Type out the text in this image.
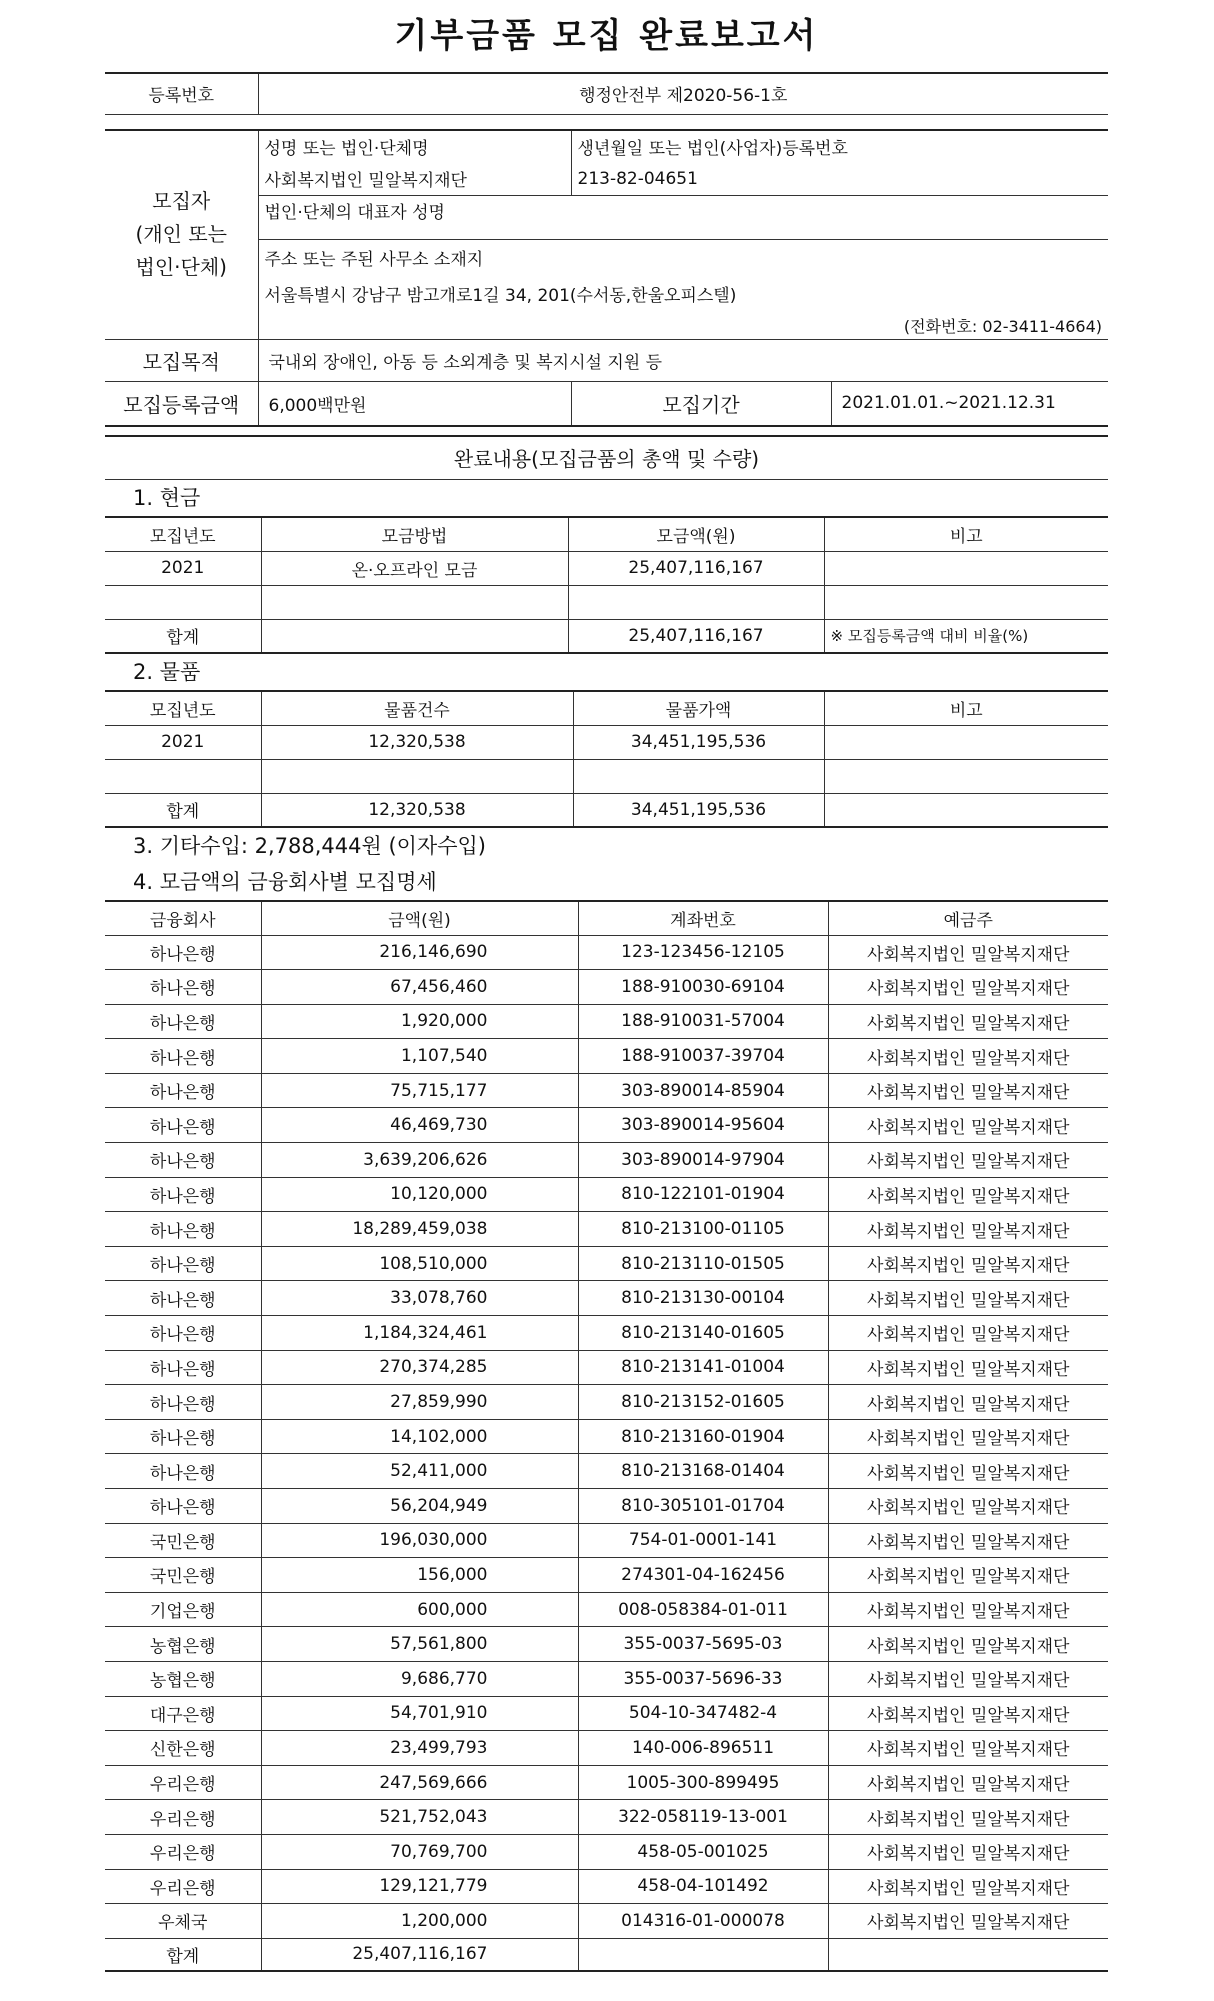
기부금품 모집 완료보고서
등록번호	행정안전부 제2020-56-1호
모집자
(개인 또는
법인·단체)	성명 또는 법인·단체명	생년월일 또는 법인(사업자)등록번호	
	사회복지법인 밀알복지재단	213-82-04651	
	법인·단체의 대표자 성명		

	주소 또는 주된 사무소 소재지		
	서울특별시 강남구 밤고개로1길 34, 201(수서동,한울오피스텔)		
	(전화번호: 02-3411-4664)		
모집목적	국내외 장애인, 아동 등 소외계층 및 복지시설 지원 등		
모집등록금액	6,000백만원	모집기간	2021.01.01.~2021.12.31
완료내용(모집금품의 총액 및 수량)
1. 현금
모집년도	모금방법	모금액(원)	비고
2021	온·오프라인 모금	25,407,116,167	

합계		25,407,116,167	※ 모집등록금액 대비 비율(%)
2. 물품
모집년도	물품건수	물품가액	비고
2021	12,320,538	34,451,195,536	

합계	12,320,538	34,451,195,536	
3. 기타수입: 2,788,444원 (이자수입)
4. 모금액의 금융회사별 모집명세
금융회사	금액(원)	계좌번호	예금주
하나은행	216,146,690	123-123456-12105	사회복지법인 밀알복지재단
하나은행	67,456,460	188-910030-69104	사회복지법인 밀알복지재단
하나은행	1,920,000	188-910031-57004	사회복지법인 밀알복지재단
하나은행	1,107,540	188-910037-39704	사회복지법인 밀알복지재단
하나은행	75,715,177	303-890014-85904	사회복지법인 밀알복지재단
하나은행	46,469,730	303-890014-95604	사회복지법인 밀알복지재단
하나은행	3,639,206,626	303-890014-97904	사회복지법인 밀알복지재단
하나은행	10,120,000	810-122101-01904	사회복지법인 밀알복지재단
하나은행	18,289,459,038	810-213100-01105	사회복지법인 밀알복지재단
하나은행	108,510,000	810-213110-01505	사회복지법인 밀알복지재단
하나은행	33,078,760	810-213130-00104	사회복지법인 밀알복지재단
하나은행	1,184,324,461	810-213140-01605	사회복지법인 밀알복지재단
하나은행	270,374,285	810-213141-01004	사회복지법인 밀알복지재단
하나은행	27,859,990	810-213152-01605	사회복지법인 밀알복지재단
하나은행	14,102,000	810-213160-01904	사회복지법인 밀알복지재단
하나은행	52,411,000	810-213168-01404	사회복지법인 밀알복지재단
하나은행	56,204,949	810-305101-01704	사회복지법인 밀알복지재단
국민은행	196,030,000	754-01-0001-141	사회복지법인 밀알복지재단
국민은행	156,000	274301-04-162456	사회복지법인 밀알복지재단
기업은행	600,000	008-058384-01-011	사회복지법인 밀알복지재단
농협은행	57,561,800	355-0037-5695-03	사회복지법인 밀알복지재단
농협은행	9,686,770	355-0037-5696-33	사회복지법인 밀알복지재단
대구은행	54,701,910	504-10-347482-4	사회복지법인 밀알복지재단
신한은행	23,499,793	140-006-896511	사회복지법인 밀알복지재단
우리은행	247,569,666	1005-300-899495	사회복지법인 밀알복지재단
우리은행	521,752,043	322-058119-13-001	사회복지법인 밀알복지재단
우리은행	70,769,700	458-05-001025	사회복지법인 밀알복지재단
우리은행	129,121,779	458-04-101492	사회복지법인 밀알복지재단
우체국	1,200,000	014316-01-000078	사회복지법인 밀알복지재단
합계	25,407,116,167		
